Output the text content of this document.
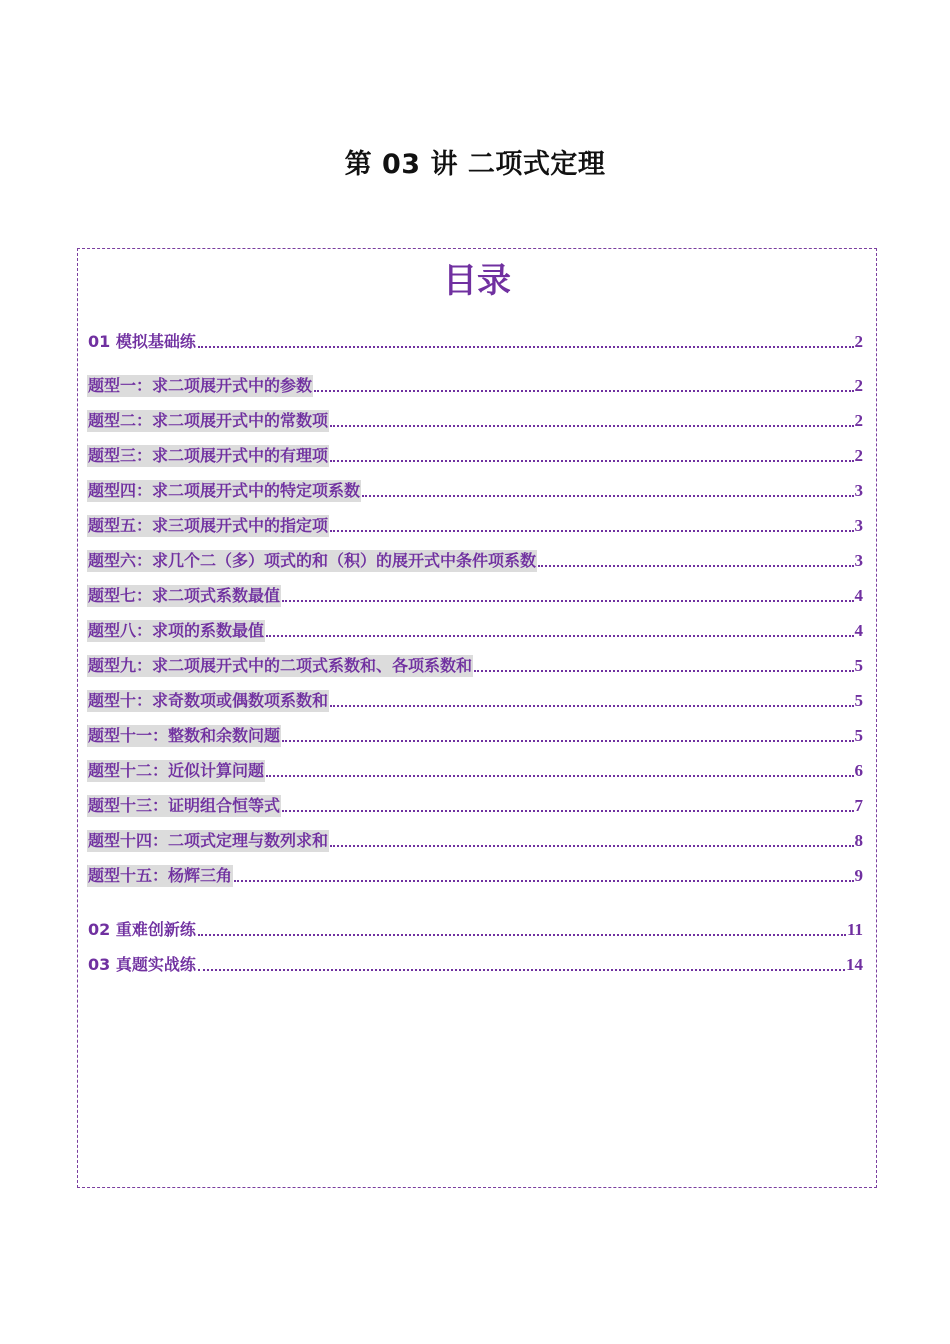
第 03 讲 二项式定理
目录
01 模拟基础练	2
题型一：求二项展开式中的参数	2
题型二：求二项展开式中的常数项	2
题型三：求二项展开式中的有理项	2
题型四：求二项展开式中的特定项系数	3
题型五：求三项展开式中的指定项	3
题型六：求几个二（多）项式的和（积）的展开式中条件项系数	3
题型七：求二项式系数最值	4
题型八：求项的系数最值	4
题型九：求二项展开式中的二项式系数和、各项系数和	5
题型十：求奇数项或偶数项系数和	5
题型十一：整数和余数问题	5
题型十二：近似计算问题	6
题型十三：证明组合恒等式	7
题型十四：二项式定理与数列求和	8
题型十五：杨辉三角	9
02 重难创新练	11
03 真题实战练	14
